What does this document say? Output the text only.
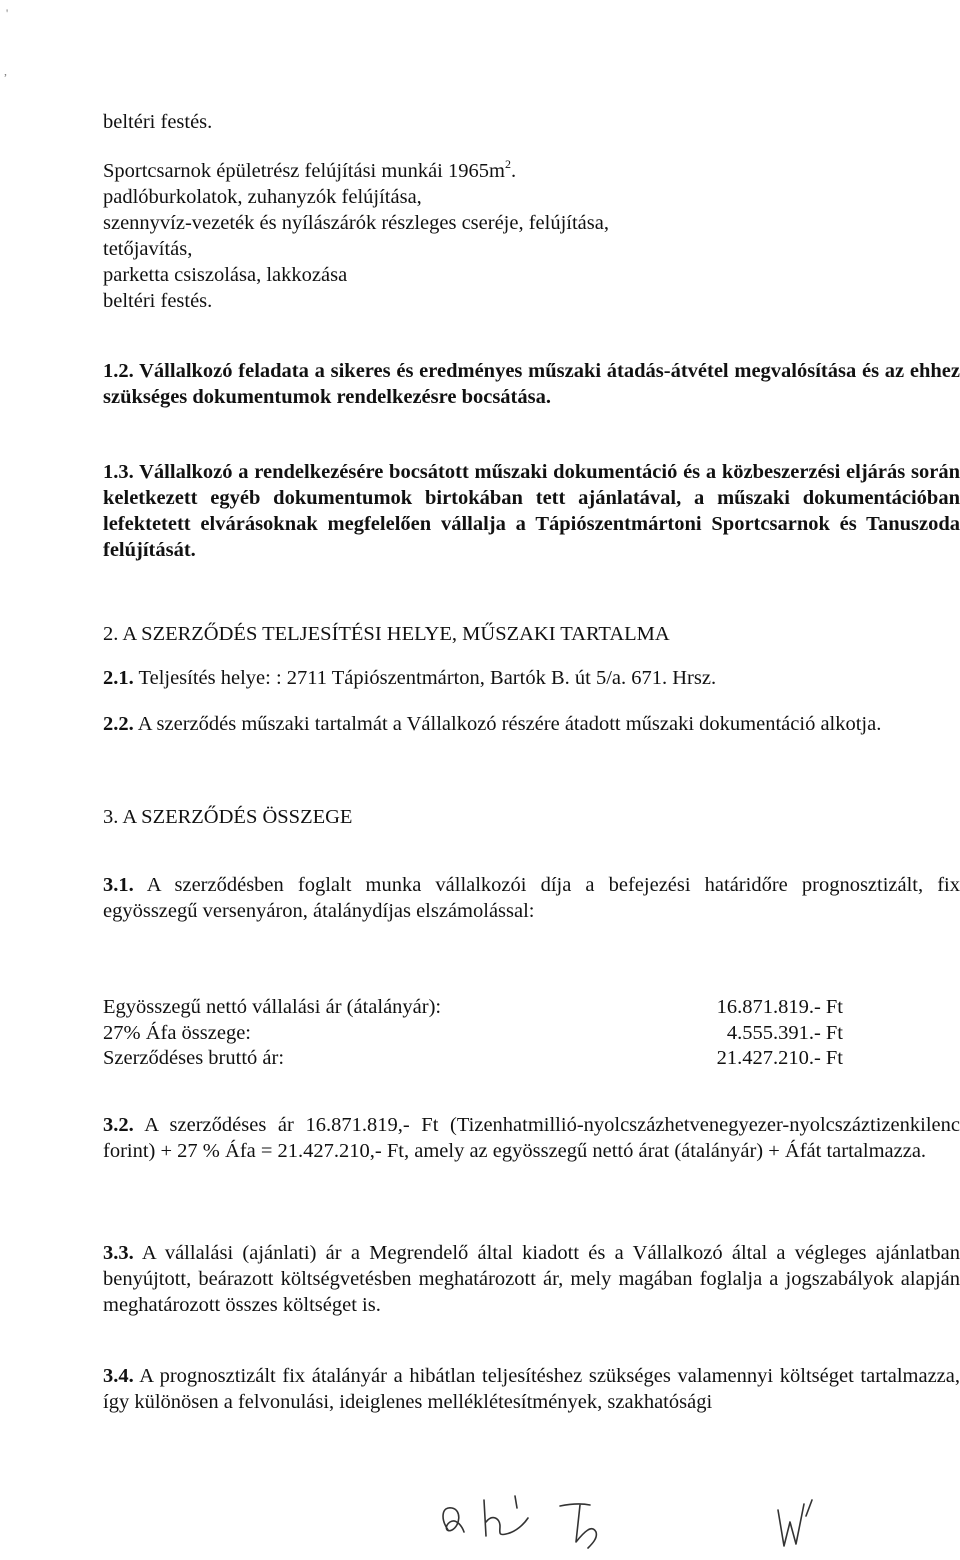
'
,
beltéri festés.
Sportcsarnok épületrész felújítási munkái $1965m^2$.
padlóburkolatok, zuhanyzók felújítása,
szennyvíz-vezeték és nyílászárók részleges cseréje, felújítása,
tetőjavítás,
parketta csiszolása, lakkozása
beltéri festés.
1.2. Vállalkozó feladata a sikeres és eredményes műszaki átadás-átvétel megvalósítása és az ehhez szükséges dokumentumok rendelkezésre bocsátása.
1.3. Vállalkozó a rendelkezésére bocsátott műszaki dokumentáció és a közbeszerzési eljárás során keletkezett egyéb dokumentumok birtokában tett ajánlatával, a műszaki dokumentációban lefektetett elvárásoknak megfelelően vállalja a Tápiószentmártoni Sportcsarnok és Tanuszoda felújítását.
2. A SZERZŐDÉS TELJESÍTÉSI HELYE, MŰSZAKI TARTALMA
2.1. Teljesítés helye: : 2711 Tápiószentmárton, Bartók B. út 5/a. 671. Hrsz.
2.2. A szerződés műszaki tartalmát a Vállalkozó részére átadott műszaki dokumentáció alkotja.
3. A SZERZŐDÉS ÖSSZEGE
3.1. A szerződésben foglalt munka vállalkozói díja a befejezési határidőre prognosztizált, fix egyösszegű versenyáron, átalánydíjas elszámolással:
Egyösszegű nettó vállalási ár (átalányár):	16.871.819.- Ft
27% Áfa összege:	4.555.391.- Ft
Szerződéses bruttó ár:	21.427.210.- Ft
3.2. A szerződéses ár 16.871.819,- Ft (Tizenhatmillió-nyolcszázhetvenegyezer-nyolcszáztizenkilenc forint) + 27 % Áfa = 21.427.210,- Ft, amely az egyösszegű nettó árat (átalányár) + Áfát tartalmazza.
3.3. A vállalási (ajánlati) ár a Megrendelő által kiadott és a Vállalkozó által a végleges ajánlatban benyújtott, beárazott költségvetésben meghatározott ár, mely magában foglalja a jogszabályok alapján meghatározott összes költséget is.
3.4. A prognosztizált fix átalányár a hibátlan teljesítéshez szükséges valamennyi költséget tartalmazza, így különösen a felvonulási, ideiglenes melléklétesítmények, szakhatósági
